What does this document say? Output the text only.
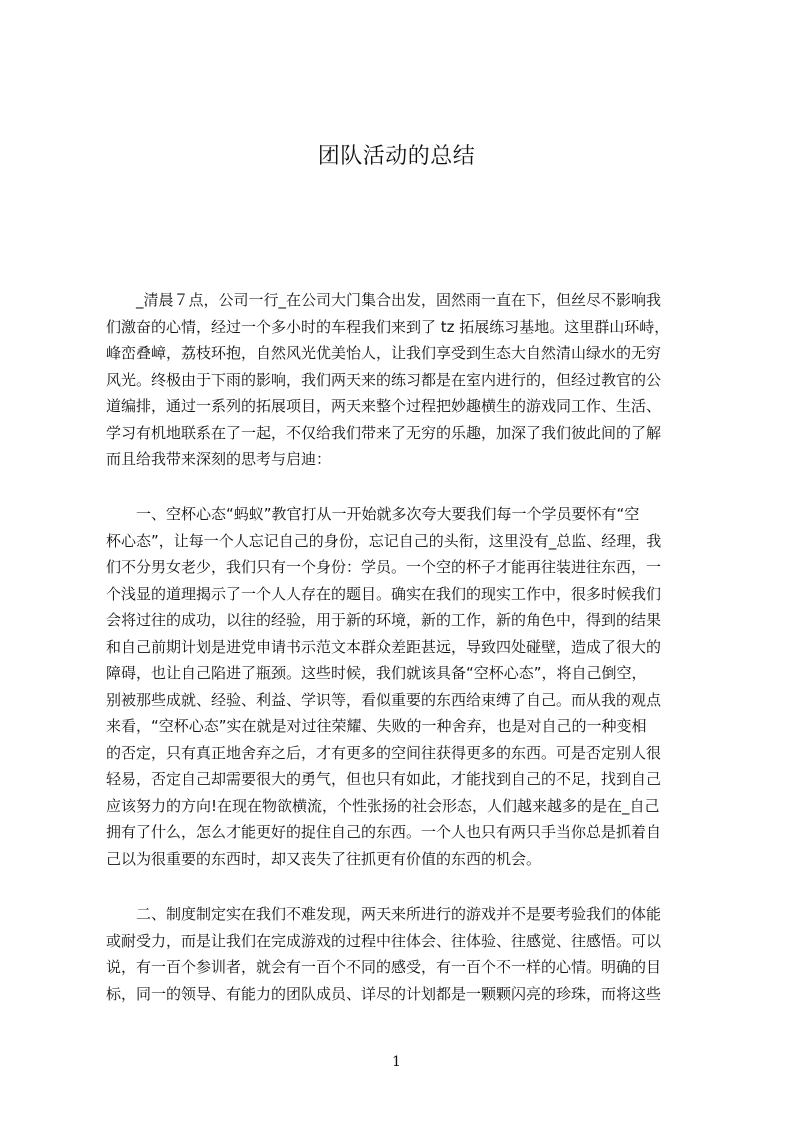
团队活动的总结
　　_清晨７点，公司一行_在公司大门集合出发，固然雨一直在下，但丝尽不影响我
们激奋的心情，经过一个多小时的车程我们来到了 tz 拓展练习基地。这里群山环峙，
峰峦叠嶂，荔枝环抱，自然风光优美怡人，让我们享受到生态大自然清山绿水的无穷
风光。终极由于下雨的影响，我们两天来的练习都是在室内进行的，但经过教官的公
道编排，通过一系列的拓展项目，两天来整个过程把妙趣横生的游戏同工作、生活、
学习有机地联系在了一起，不仅给我们带来了无穷的乐趣，加深了我们彼此间的了解
而且给我带来深刻的思考与启迪：
　　一、空杯心态“蚂蚁”教官打从一开始就多次夸大要我们每一个学员要怀有“空
杯心态”，让每一个人忘记自己的身份，忘记自己的头衔，这里没有_总监、经理，我
们不分男女老少，我们只有一个身份：学员。一个空的杯子才能再往装进往东西，一
个浅显的道理揭示了一个人人存在的题目。确实在我们的现实工作中，很多时候我们
会将过往的成功，以往的经验，用于新的环境，新的工作，新的角色中，得到的结果
和自己前期计划是进党申请书示范文本群众差距甚远，导致四处碰壁，造成了很大的
障碍，也让自己陷进了瓶颈。这些时候，我们就该具备“空杯心态”，将自己倒空，
别被那些成就、经验、利益、学识等，看似重要的东西给束缚了自己。而从我的观点
来看，“空杯心态”实在就是对过往荣耀、失败的一种舍弃，也是对自己的一种变相
的否定，只有真正地舍弃之后，才有更多的空间往获得更多的东西。可是否定别人很
轻易，否定自己却需要很大的勇气，但也只有如此，才能找到自己的不足，找到自己
应该努力的方向!在现在物欲横流，个性张扬的社会形态，人们越来越多的是在_自己
拥有了什么，怎么才能更好的捉住自己的东西。一个人也只有两只手当你总是抓着自
己以为很重要的东西时，却又丧失了往抓更有价值的东西的机会。
　　二、制度制定实在我们不难发现，两天来所进行的游戏并不是要考验我们的体能
或耐受力，而是让我们在完成游戏的过程中往体会、往体验、往感觉、往感悟。可以
说，有一百个参训者，就会有一百个不同的感受，有一百个不一样的心情。明确的目
标，同一的领导、有能力的团队成员、详尽的计划都是一颗颗闪亮的珍珠，而将这些
1
